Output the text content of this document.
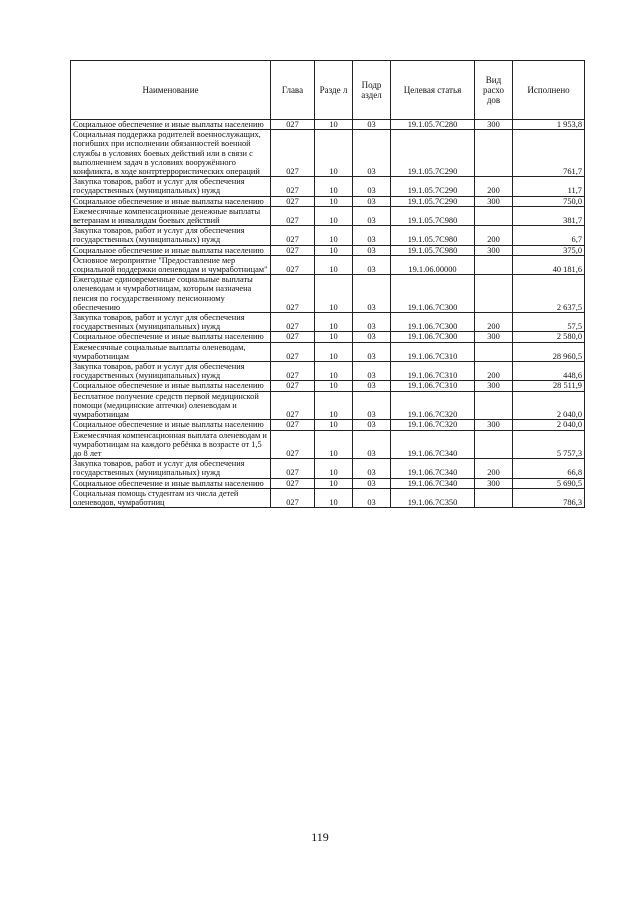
Наименование	Глава	Разде л	Подр аздел	Целевая статья	Вид расхо дов	Исполнено
Социальное обеспечение и иные выплаты населению	027	10	03	19.1.05.7С280	300	1 953,8
Социальная поддержка родителей военнослужащих, погибших при исполнении обязанностей военной службы в условиях боевых действий или в связи с выполнением задач в условиях вооружённого конфликта, в ходе контртеррористических операций	027	10	03	19.1.05.7С290		761,7
Закупка товаров, работ и услуг для обеспечения государственных (муниципальных) нужд	027	10	03	19.1.05.7С290	200	11,7
Социальное обеспечение и иные выплаты населению	027	10	03	19.1.05.7С290	300	750,0
Ежемесячные компенсационные денежные выплаты ветеранам и инвалидам боевых действий	027	10	03	19.1.05.7С980		381,7
Закупка товаров, работ и услуг для обеспечения государственных (муниципальных) нужд	027	10	03	19.1.05.7С980	200	6,7
Социальное обеспечение и иные выплаты населению	027	10	03	19.1.05.7С980	300	375,0
Основное мероприятие "Предоставление мер социальной поддержки оленеводам и чумработницам"	027	10	03	19.1.06.00000		40 181,6
Ежегодные единовременные социальные выплаты оленеводам и чумработницам, которым назначена пенсия по государственному пенсионному обеспечению	027	10	03	19.1.06.7С300		2 637,5
Закупка товаров, работ и услуг для обеспечения государственных (муниципальных) нужд	027	10	03	19.1.06.7С300	200	57,5
Социальное обеспечение и иные выплаты населению	027	10	03	19.1.06.7С300	300	2 580,0
Ежемесячные социальные выплаты оленеводам, чумработницам	027	10	03	19.1.06.7С310		28 960,5
Закупка товаров, работ и услуг для обеспечения государственных (муниципальных) нужд	027	10	03	19.1.06.7С310	200	448,6
Социальное обеспечение и иные выплаты населению	027	10	03	19.1.06.7С310	300	28 511,9
Бесплатное получение средств первой медицинской помощи (медицинские аптечки) оленеводам и чумработницам	027	10	03	19.1.06.7С320		2 040,0
Социальное обеспечение и иные выплаты населению	027	10	03	19.1.06.7С320	300	2 040,0
Ежемесячная компенсационная выплата оленеводам и чумработницам на каждого ребёнка в возрасте от 1,5 до 8 лет	027	10	03	19.1.06.7С340		5 757,3
Закупка товаров, работ и услуг для обеспечения государственных (муниципальных) нужд	027	10	03	19.1.06.7С340	200	66,8
Социальное обеспечение и иные выплаты населению	027	10	03	19.1.06.7С340	300	5 690,5
Социальная помощь студентам из числа детей оленеводов, чумработниц	027	10	03	19.1.06.7С350		786,3
119
